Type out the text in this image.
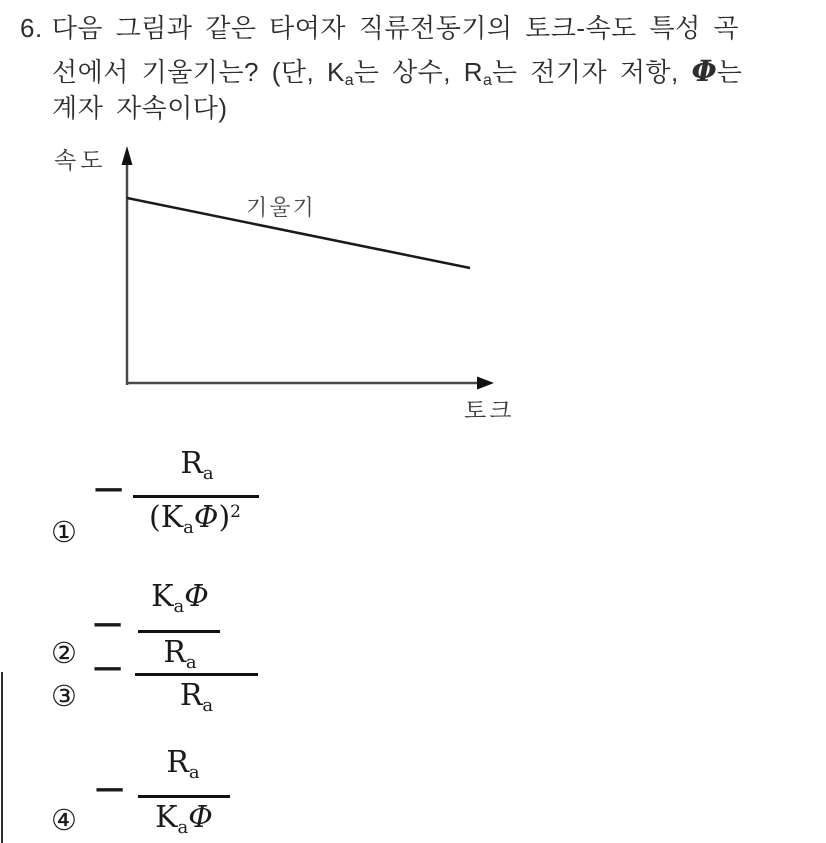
6. 다음 그림과 같은 타여자 직류전동기의 토크-속도 특성 곡
선에서 기울기는? (단, $K_a$는 상수, $R_a$는 전기자 저항, Φ는
계자 자속이다)
속도
기울기
토크
①
−
$R_a$
$(K_a\Phi)^2$
②
−
$K_a\Phi$
$R_a$
③
−
$R_a$
④
−
$R_a$
$K_a\Phi$
